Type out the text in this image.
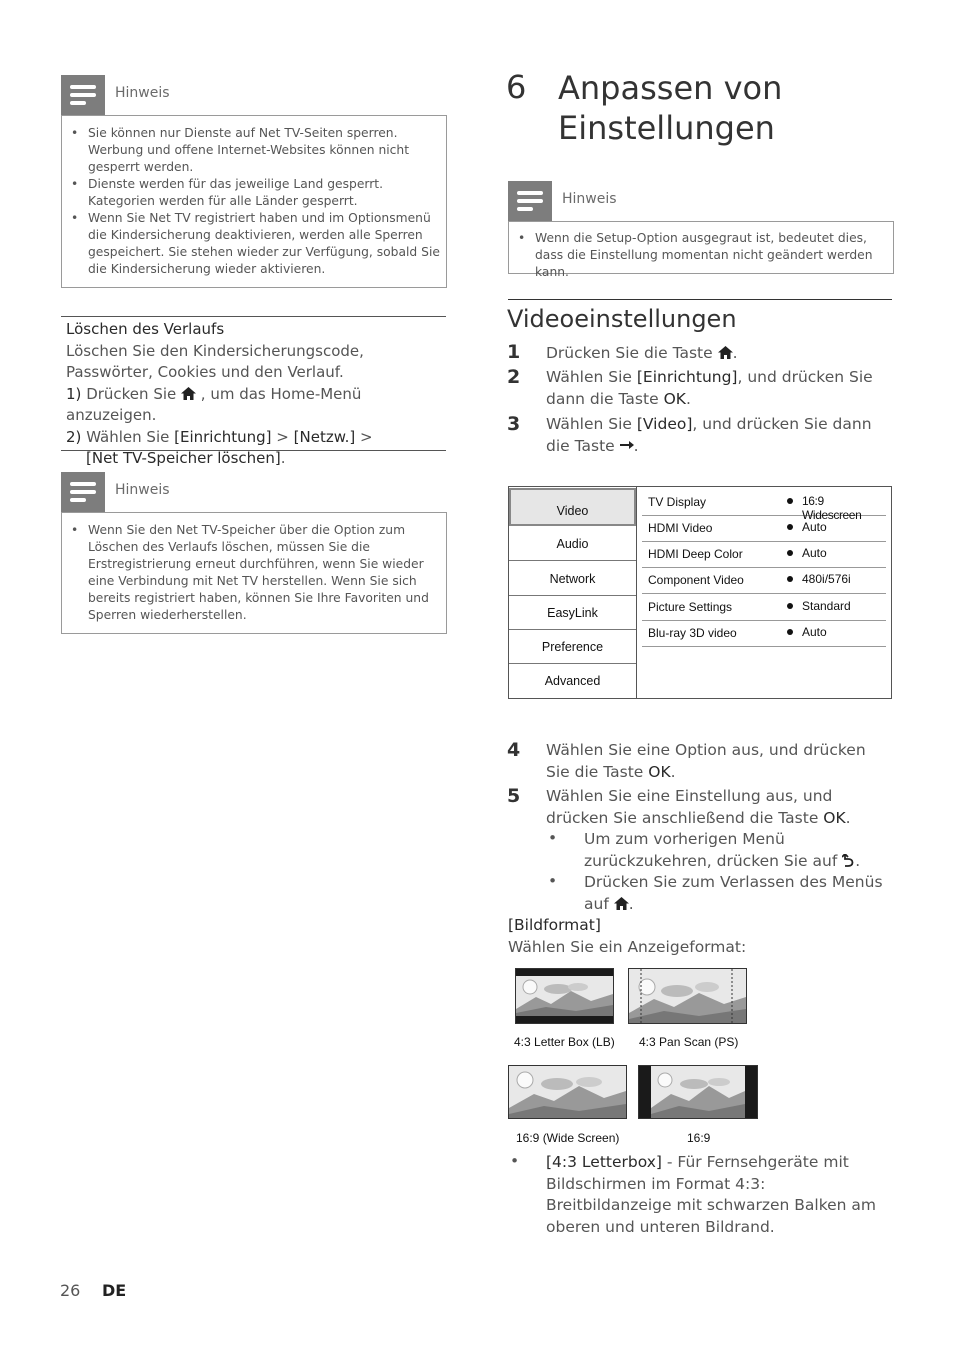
Hinweis
• Sie können nur Dienste auf Net TV-Seiten sperren. Werbung und offene Internet-Websites können nicht gesperrt werden.
• Dienste werden für das jeweilige Land gesperrt. Kategorien werden für alle Länder gesperrt.
• Wenn Sie Net TV registriert haben und im Optionsmenü die Kindersicherung deaktivieren, werden alle Sperren gespeichert. Sie stehen wieder zur Verfügung, sobald Sie die Kindersicherung wieder aktivieren.
Löschen des Verlaufs
Löschen Sie den Kindersicherungscode, Passwörter, Cookies und den Verlauf.
1) Drücken Sie , um das Home-Menü anzuzeigen.
2) Wählen Sie [Einrichtung] > [Netzw.] >
[Net TV-Speicher löschen].
Hinweis
• Wenn Sie den Net TV-Speicher über die Option zum Löschen des Verlaufs löschen, müssen Sie die Erstregistrierung erneut durchführen, wenn Sie wieder eine Verbindung mit Net TV herstellen. Wenn Sie sich bereits registriert haben, können Sie Ihre Favoriten und Sperren wiederherstellen.
6 Anpassen von
Einstellungen
Hinweis
• Wenn die Setup-Option ausgegraut ist, bedeutet dies, dass die Einstellung momentan nicht geändert werden kann.
Videoeinstellungen
1 Drücken Sie die Taste .
2 Wählen Sie [Einrichtung], und drücken Sie dann die Taste OK.
3 Wählen Sie [Video], und drücken Sie dann die Taste .
Video
Audio
Network
EasyLink
Preference
Advanced
TV Display	16:9 Widescreen
HDMI Video	Auto
HDMI Deep Color	Auto
Component Video	480i/576i
Picture Settings	Standard
Blu-ray 3D video	Auto
4 Wählen Sie eine Option aus, und drücken Sie die Taste OK.
5 Wählen Sie eine Einstellung aus, und drücken Sie anschließend die Taste OK.
• Um zum vorherigen Menü zurückzukehren, drücken Sie auf .
• Drücken Sie zum Verlassen des Menüs auf .
[Bildformat]
Wählen Sie ein Anzeigeformat:
4:3 Letter Box (LB) 4:3 Pan Scan (PS)
16:9 (Wide Screen)	16:9
• [4:3 Letterbox] - Für Fernsehgeräte mit Bildschirmen im Format 4:3: Breitbildanzeige mit schwarzen Balken am oberen und unteren Bildrand.
26 DE
